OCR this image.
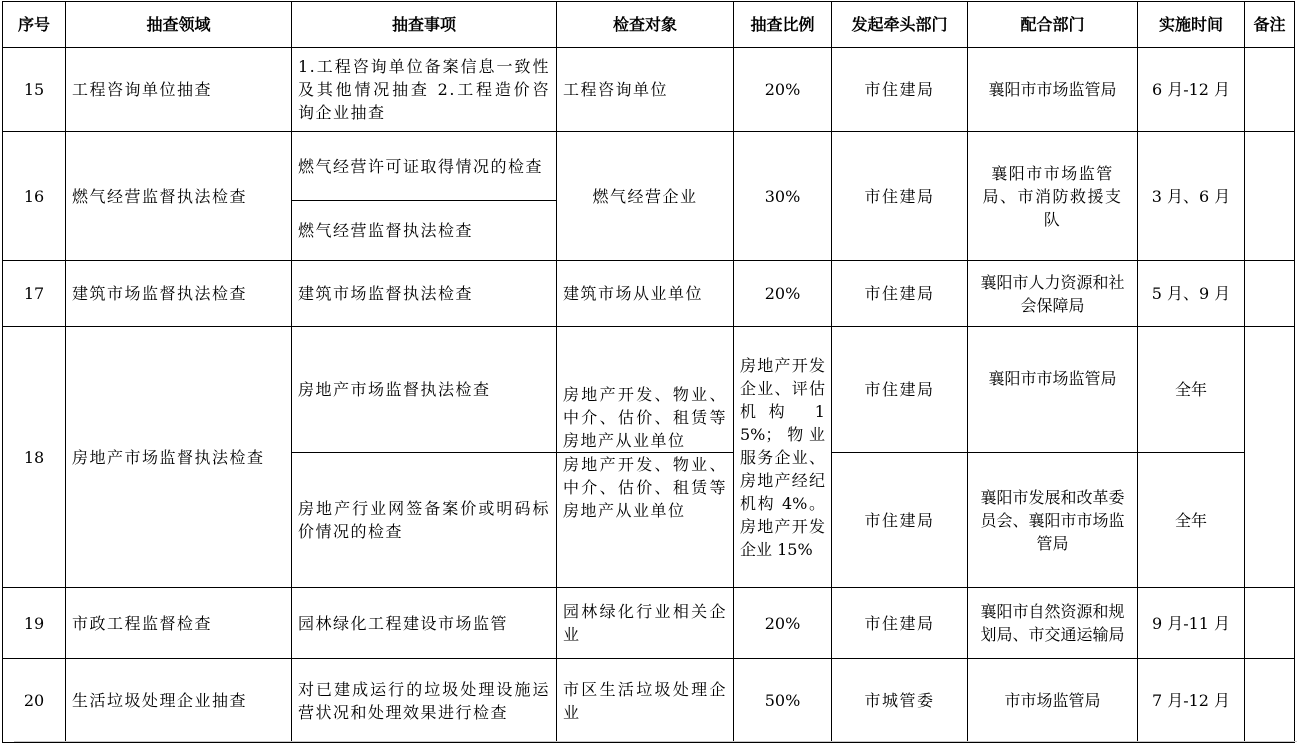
序号	抽查领域	抽查事项	检查对象	抽查比例	发起牵头部门	配合部门	实施时间	备注
15	工程咨询单位抽查	1.工程咨询单位备案信息一致性及其他情况抽查 2.工程造价咨询企业抽查	工程咨询单位	20%	市住建局	襄阳市市场监管局	6 月-12 月	
16	燃气经营监督执法检查	燃气经营许可证取得情况的检查	燃气经营企业	30%	市住建局	襄阳市市场监管局、市消防救援支队	3 月、6 月	
		燃气经营监督执法检查						
17	建筑市场监督执法检查	建筑市场监督执法检查	建筑市场从业单位	20%	市住建局	襄阳市人力资源和社会保障局	5 月、9 月	
18	房地产市场监督执法检查	房地产市场监督执法检查	房地产开发、物业、中介、估价、租赁等房地产从业单位	房地产开发企业、评估机构 15%；物业服务企业、房地产经纪机构 4%。房地产开发企业 15%	市住建局	襄阳市市场监管局	全年	
		房地产行业网签备案价或明码标价情况的检查	房地产开发、物业、中介、估价、租赁等房地产从业单位		市住建局	襄阳市发展和改革委员会、襄阳市市场监管局	全年	
19	市政工程监督检查	园林绿化工程建设市场监管	园林绿化行业相关企业	20%	市住建局	襄阳市自然资源和规划局、市交通运输局	9 月-11 月	
20	生活垃圾处理企业抽查	对已建成运行的垃圾处理设施运营状况和处理效果进行检查	市区生活垃圾处理企业	50%	市城管委	市市场监管局	7 月-12 月	
